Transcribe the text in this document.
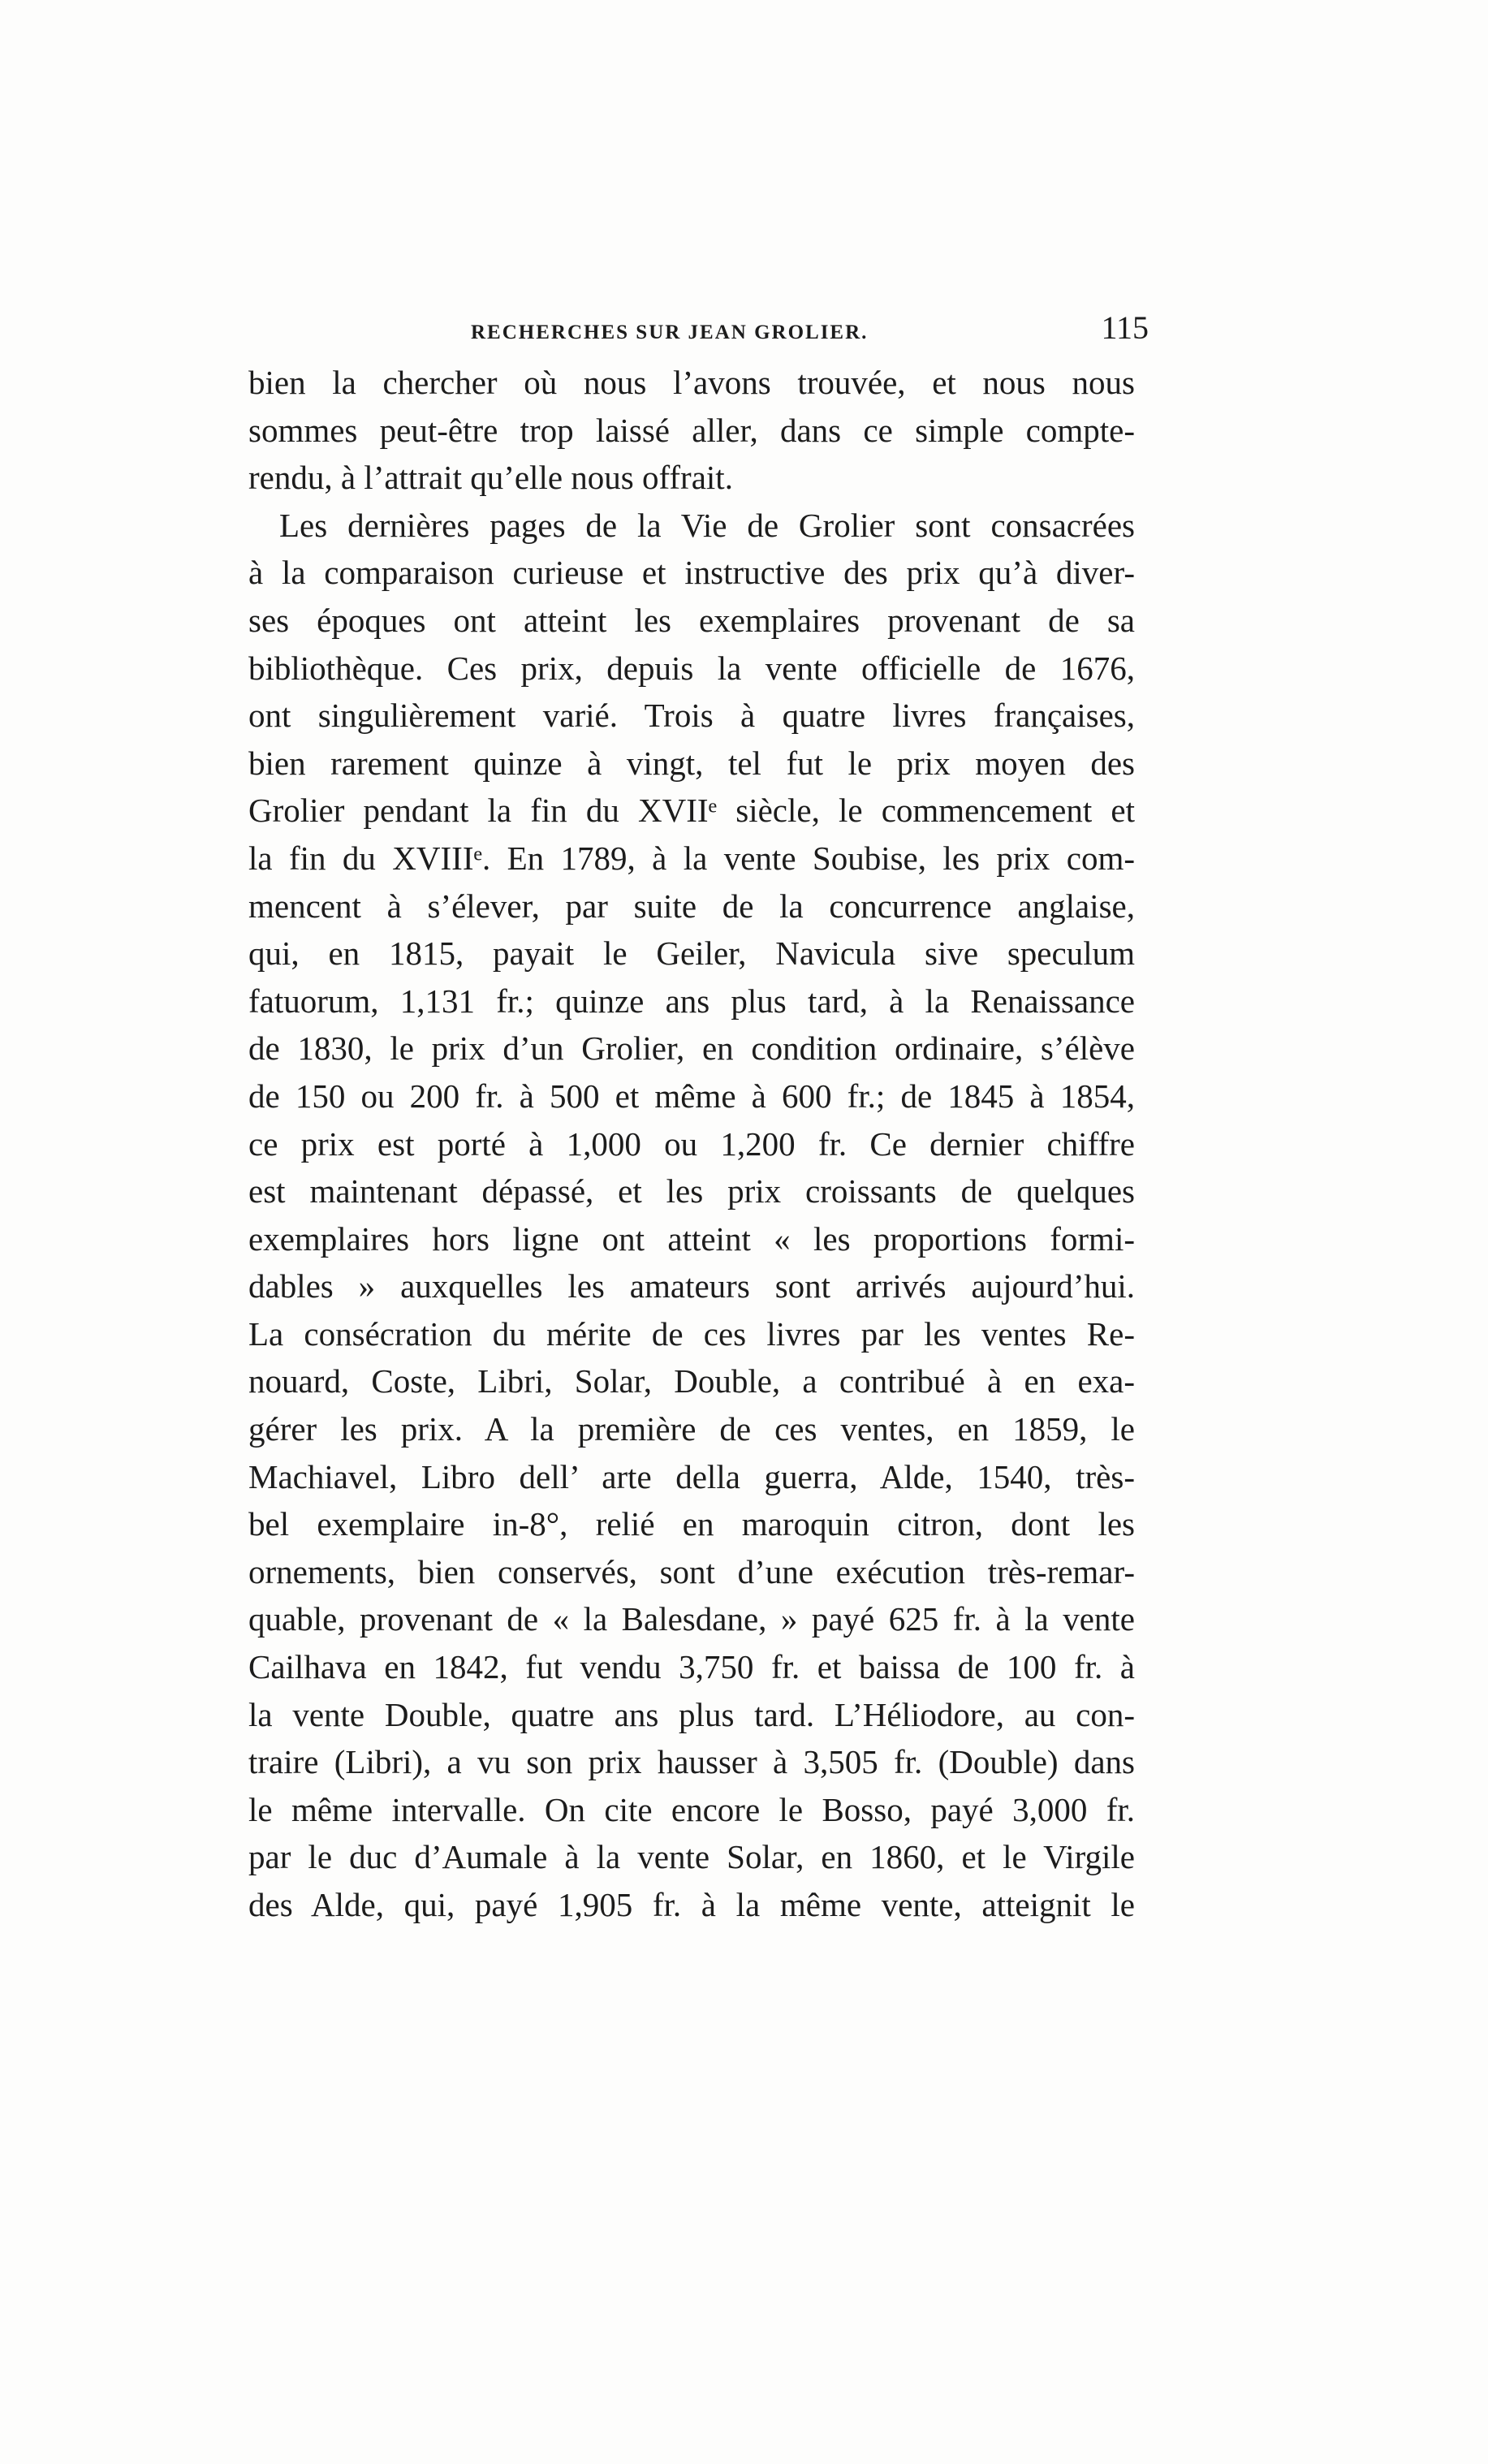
RECHERCHES SUR JEAN GROLIER.	115
bien la chercher où nous l’avons trouvée, et nous nous
sommes peut-être trop laissé aller, dans ce simple compte-
rendu, à l’attrait qu’elle nous offrait.
Les dernières pages de la Vie de Grolier sont consacrées
à la comparaison curieuse et instructive des prix qu’à diver-
ses époques ont atteint les exemplaires provenant de sa
bibliothèque. Ces prix, depuis la vente officielle de 1676,
ont singulièrement varié. Trois à quatre livres françaises,
bien rarement quinze à vingt, tel fut le prix moyen des
Grolier pendant la fin du XVIIᵉ siècle, le commencement et
la fin du XVIIIᵉ. En 1789, à la vente Soubise, les prix com-
mencent à s’élever, par suite de la concurrence anglaise,
qui, en 1815, payait le Geiler, Navicula sive speculum
fatuorum, 1,131 fr.; quinze ans plus tard, à la Renaissance
de 1830, le prix d’un Grolier, en condition ordinaire, s’élève
de 150 ou 200 fr. à 500 et même à 600 fr.; de 1845 à 1854,
ce prix est porté à 1,000 ou 1,200 fr. Ce dernier chiffre
est maintenant dépassé, et les prix croissants de quelques
exemplaires hors ligne ont atteint « les proportions formi-
dables » auxquelles les amateurs sont arrivés aujourd’hui.
La consécration du mérite de ces livres par les ventes Re-
nouard, Coste, Libri, Solar, Double, a contribué à en exa-
gérer les prix. A la première de ces ventes, en 1859, le
Machiavel, Libro dell’ arte della guerra, Alde, 1540, très-
bel exemplaire in-8°, relié en maroquin citron, dont les
ornements, bien conservés, sont d’une exécution très-remar-
quable, provenant de « la Balesdane, » payé 625 fr. à la vente
Cailhava en 1842, fut vendu 3,750 fr. et baissa de 100 fr. à
la vente Double, quatre ans plus tard. L’Héliodore, au con-
traire (Libri), a vu son prix hausser à 3,505 fr. (Double) dans
le même intervalle. On cite encore le Bosso, payé 3,000 fr.
par le duc d’Aumale à la vente Solar, en 1860, et le Virgile
des Alde, qui, payé 1,905 fr. à la même vente, atteignit le
